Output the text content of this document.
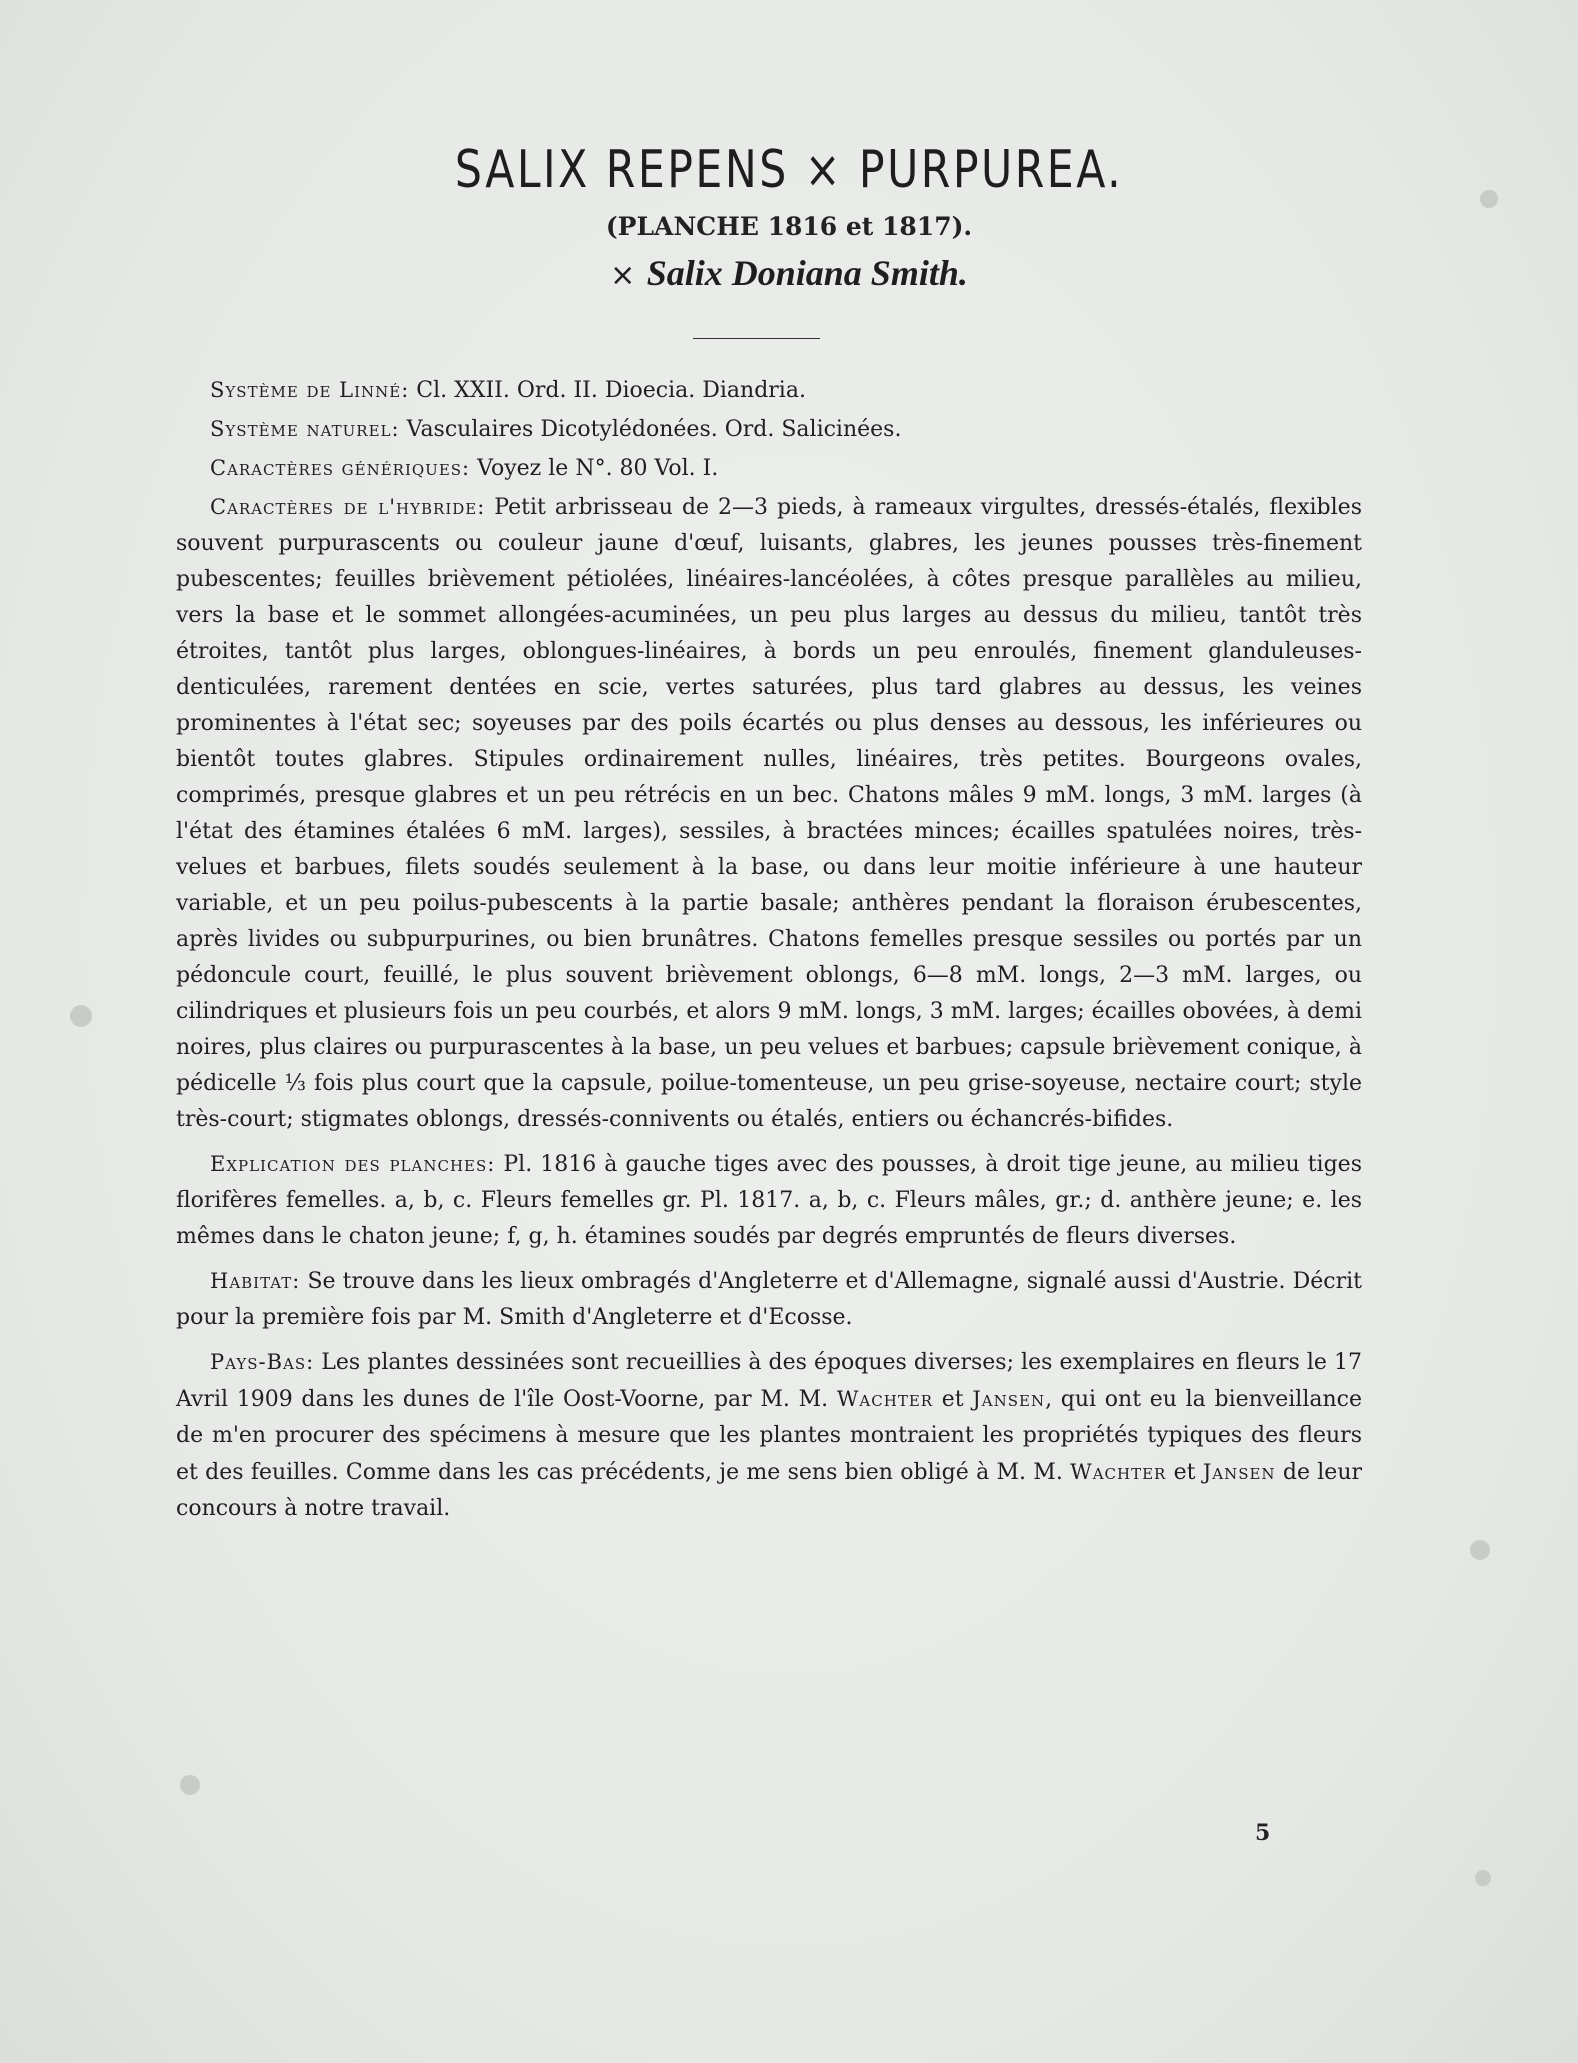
SALIX REPENS × PURPUREA.
(PLANCHE 1816 et 1817).
× Salix Doniana Smith.

Système de Linné: Cl. XXII. Ord. II. Dioecia. Diandria.

Système naturel: Vasculaires Dicotylédonées. Ord. Salicinées.

Caractères génériques: Voyez le N°. 80 Vol. I.

Caractères de l'hybride: Petit arbrisseau de 2—3 pieds, à rameaux virgultes, dressés-étalés, flexibles souvent purpurascents ou couleur jaune d'œuf, luisants, glabres, les jeunes pousses très-finement pubescentes; feuilles brièvement pétiolées, linéaires-lancéolées, à côtes presque parallèles au milieu, vers la base et le sommet allongées-acuminées, un peu plus larges au dessus du milieu, tantôt très étroites, tantôt plus larges, oblongues-linéaires, à bords un peu enroulés, finement glanduleuses-denticulées, rarement dentées en scie, vertes saturées, plus tard glabres au dessus, les veines prominentes à l'état sec; soyeuses par des poils écartés ou plus denses au dessous, les inférieures ou bientôt toutes glabres. Stipules ordinairement nulles, linéaires, très petites. Bourgeons ovales, comprimés, presque glabres et un peu rétrécis en un bec. Chatons mâles 9 mM. longs, 3 mM. larges (à l'état des étamines étalées 6 mM. larges), sessiles, à bractées minces; écailles spatulées noires, très-velues et barbues, filets soudés seulement à la base, ou dans leur moitie inférieure à une hauteur variable, et un peu poilus-pubescents à la partie basale; anthères pendant la floraison érubescentes, après livides ou subpurpurines, ou bien brunâtres. Chatons femelles presque sessiles ou portés par un pédoncule court, feuillé, le plus souvent brièvement oblongs, 6—8 mM. longs, 2—3 mM. larges, ou cilindriques et plusieurs fois un peu courbés, et alors 9 mM. longs, 3 mM. larges; écailles obovées, à demi noires, plus claires ou purpurascentes à la base, un peu velues et barbues; capsule brièvement conique, à pédicelle ⅓ fois plus court que la capsule, poilue-tomenteuse, un peu grise-soyeuse, nectaire court; style très-court; stigmates oblongs, dressés-connivents ou étalés, entiers ou échancrés-bifides.

Explication des planches: Pl. 1816 à gauche tiges avec des pousses, à droit tige jeune, au milieu tiges florifères femelles. a, b, c. Fleurs femelles gr. Pl. 1817. a, b, c. Fleurs mâles, gr.; d. anthère jeune; e. les mêmes dans le chaton jeune; f, g, h. étamines soudés par degrés empruntés de fleurs diverses.

Habitat: Se trouve dans les lieux ombragés d'Angleterre et d'Allemagne, signalé aussi d'Austrie. Décrit pour la première fois par M. Smith d'Angleterre et d'Ecosse.

Pays-Bas: Les plantes dessinées sont recueillies à des époques diverses; les exemplaires en fleurs le 17 Avril 1909 dans les dunes de l'île Oost-Voorne, par M. M. Wachter et Jansen, qui ont eu la bienveillance de m'en procurer des spécimens à mesure que les plantes montraient les propriétés typiques des fleurs et des feuilles. Comme dans les cas précédents, je me sens bien obligé à M. M. Wachter et Jansen de leur concours à notre travail.

5
